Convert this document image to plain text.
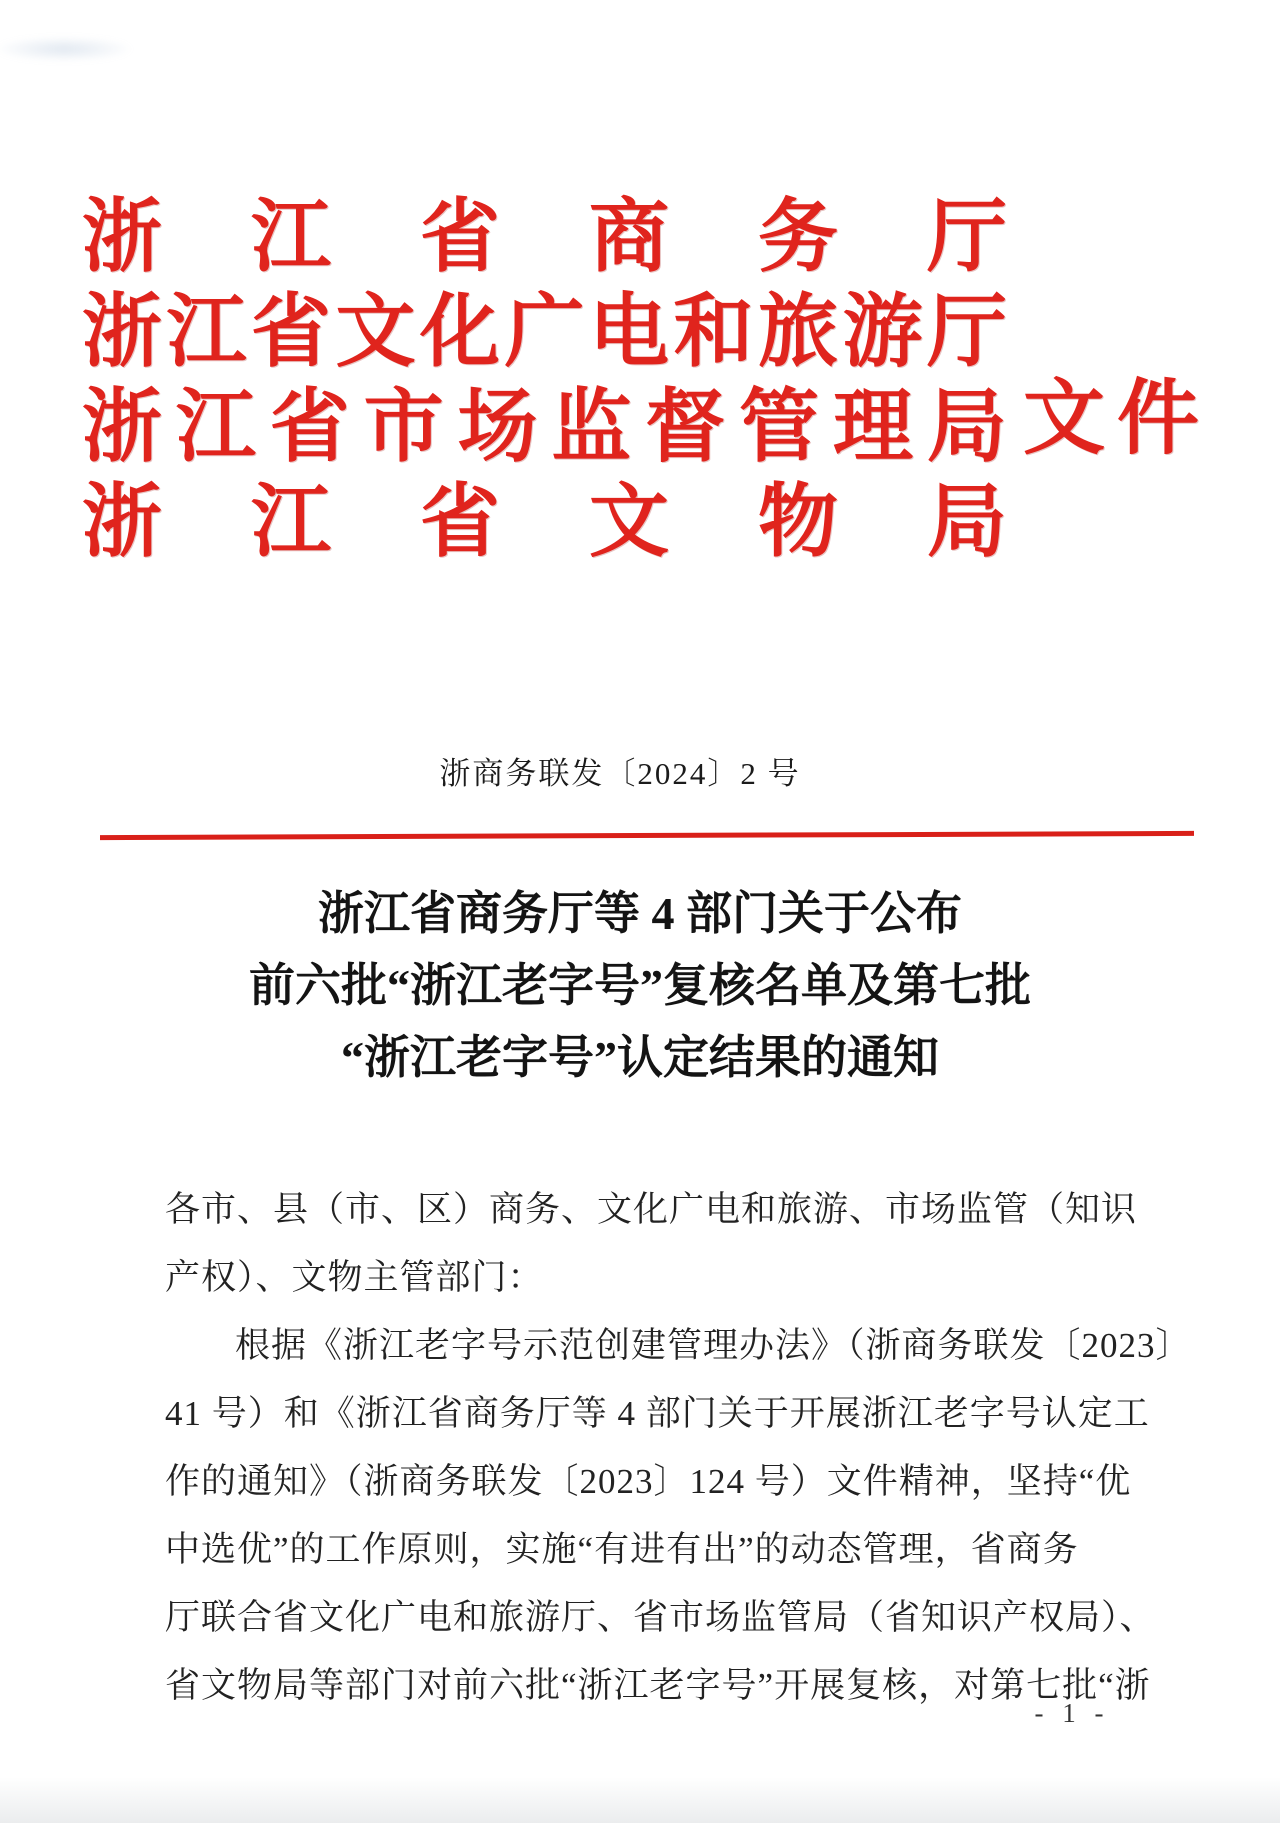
浙 江 省 商 务 厅
浙 江 省 文 化 广 电 和 旅 游 厅
浙 江 省 市 场 监 督 管 理 局
浙 江 省 文 物 局
文 件
浙商务联发〔2024〕2 号
浙江省商务厅等 4 部门关于公布
前六批“浙江老字号”复核名单及第七批
“浙江老字号”认定结果的通知
各市、县（市、区）商务、文化广电和旅游、市场监管（知识
产权）、文物主管部门：
根据《浙江老字号示范创建管理办法》（浙商务联发〔2023〕
41 号）和《浙江省商务厅等 4 部门关于开展浙江老字号认定工
作的通知》（浙商务联发〔2023〕124 号）文件精神，坚持“优
中选优”的工作原则，实施“有进有出”的动态管理，省商务
厅联合省文化广电和旅游厅、省市场监管局（省知识产权局）、
省文物局等部门对前六批“浙江老字号”开展复核，对第七批“浙
- 1 -
